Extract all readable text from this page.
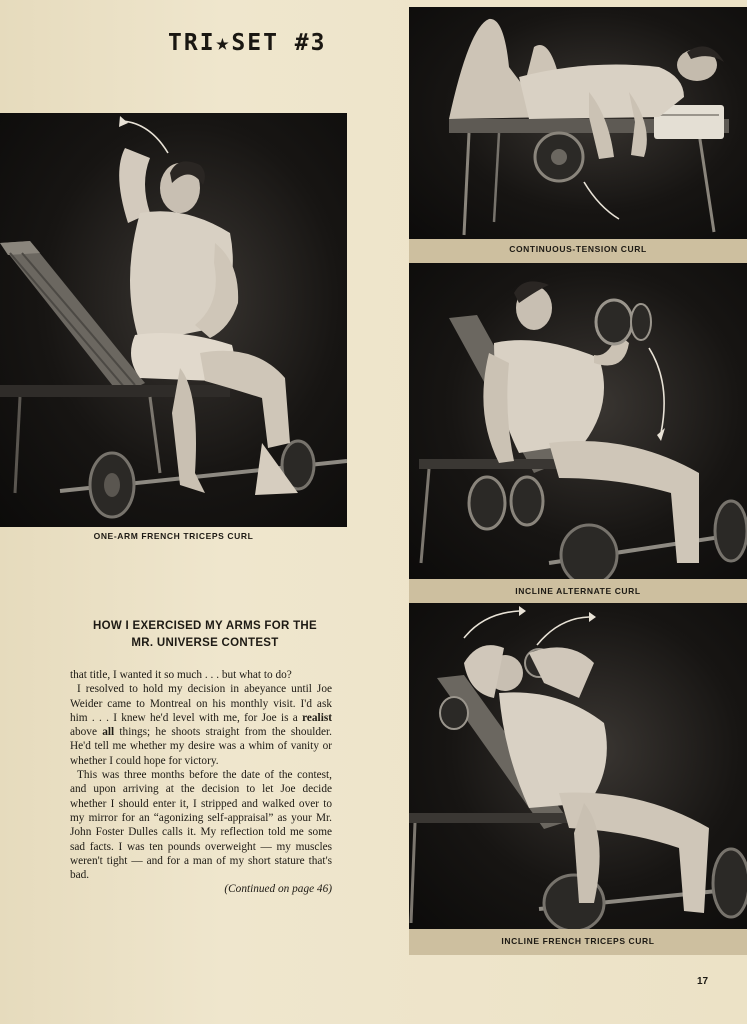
TRI★SET #3
ONE-ARM FRENCH TRICEPS CURL
CONTINUOUS-TENSION CURL
INCLINE ALTERNATE CURL
INCLINE FRENCH TRICEPS CURL
HOW I EXERCISED MY ARMS FOR THE
MR. UNIVERSE CONTEST

that title, I wanted it so much . . . but what to do?

I resolved to hold my decision in abeyance until Joe Weider came to Montreal on his monthly visit. I'd ask him . . . I knew he'd level with me, for Joe is a realist above all things; he shoots straight from the shoulder. He'd tell me whether my desire was a whim of vanity or whether I could hope for victory.

This was three months before the date of the contest, and upon arriving at the decision to let Joe decide whether I should enter it, I stripped and walked over to my mirror for an “agonizing self-appraisal” as your Mr. John Foster Dulles calls it. My reflection told me some sad facts. I was ten pounds overweight — my muscles weren't tight — and for a man of my short stature that's bad.

(Continued on page 46)
17
